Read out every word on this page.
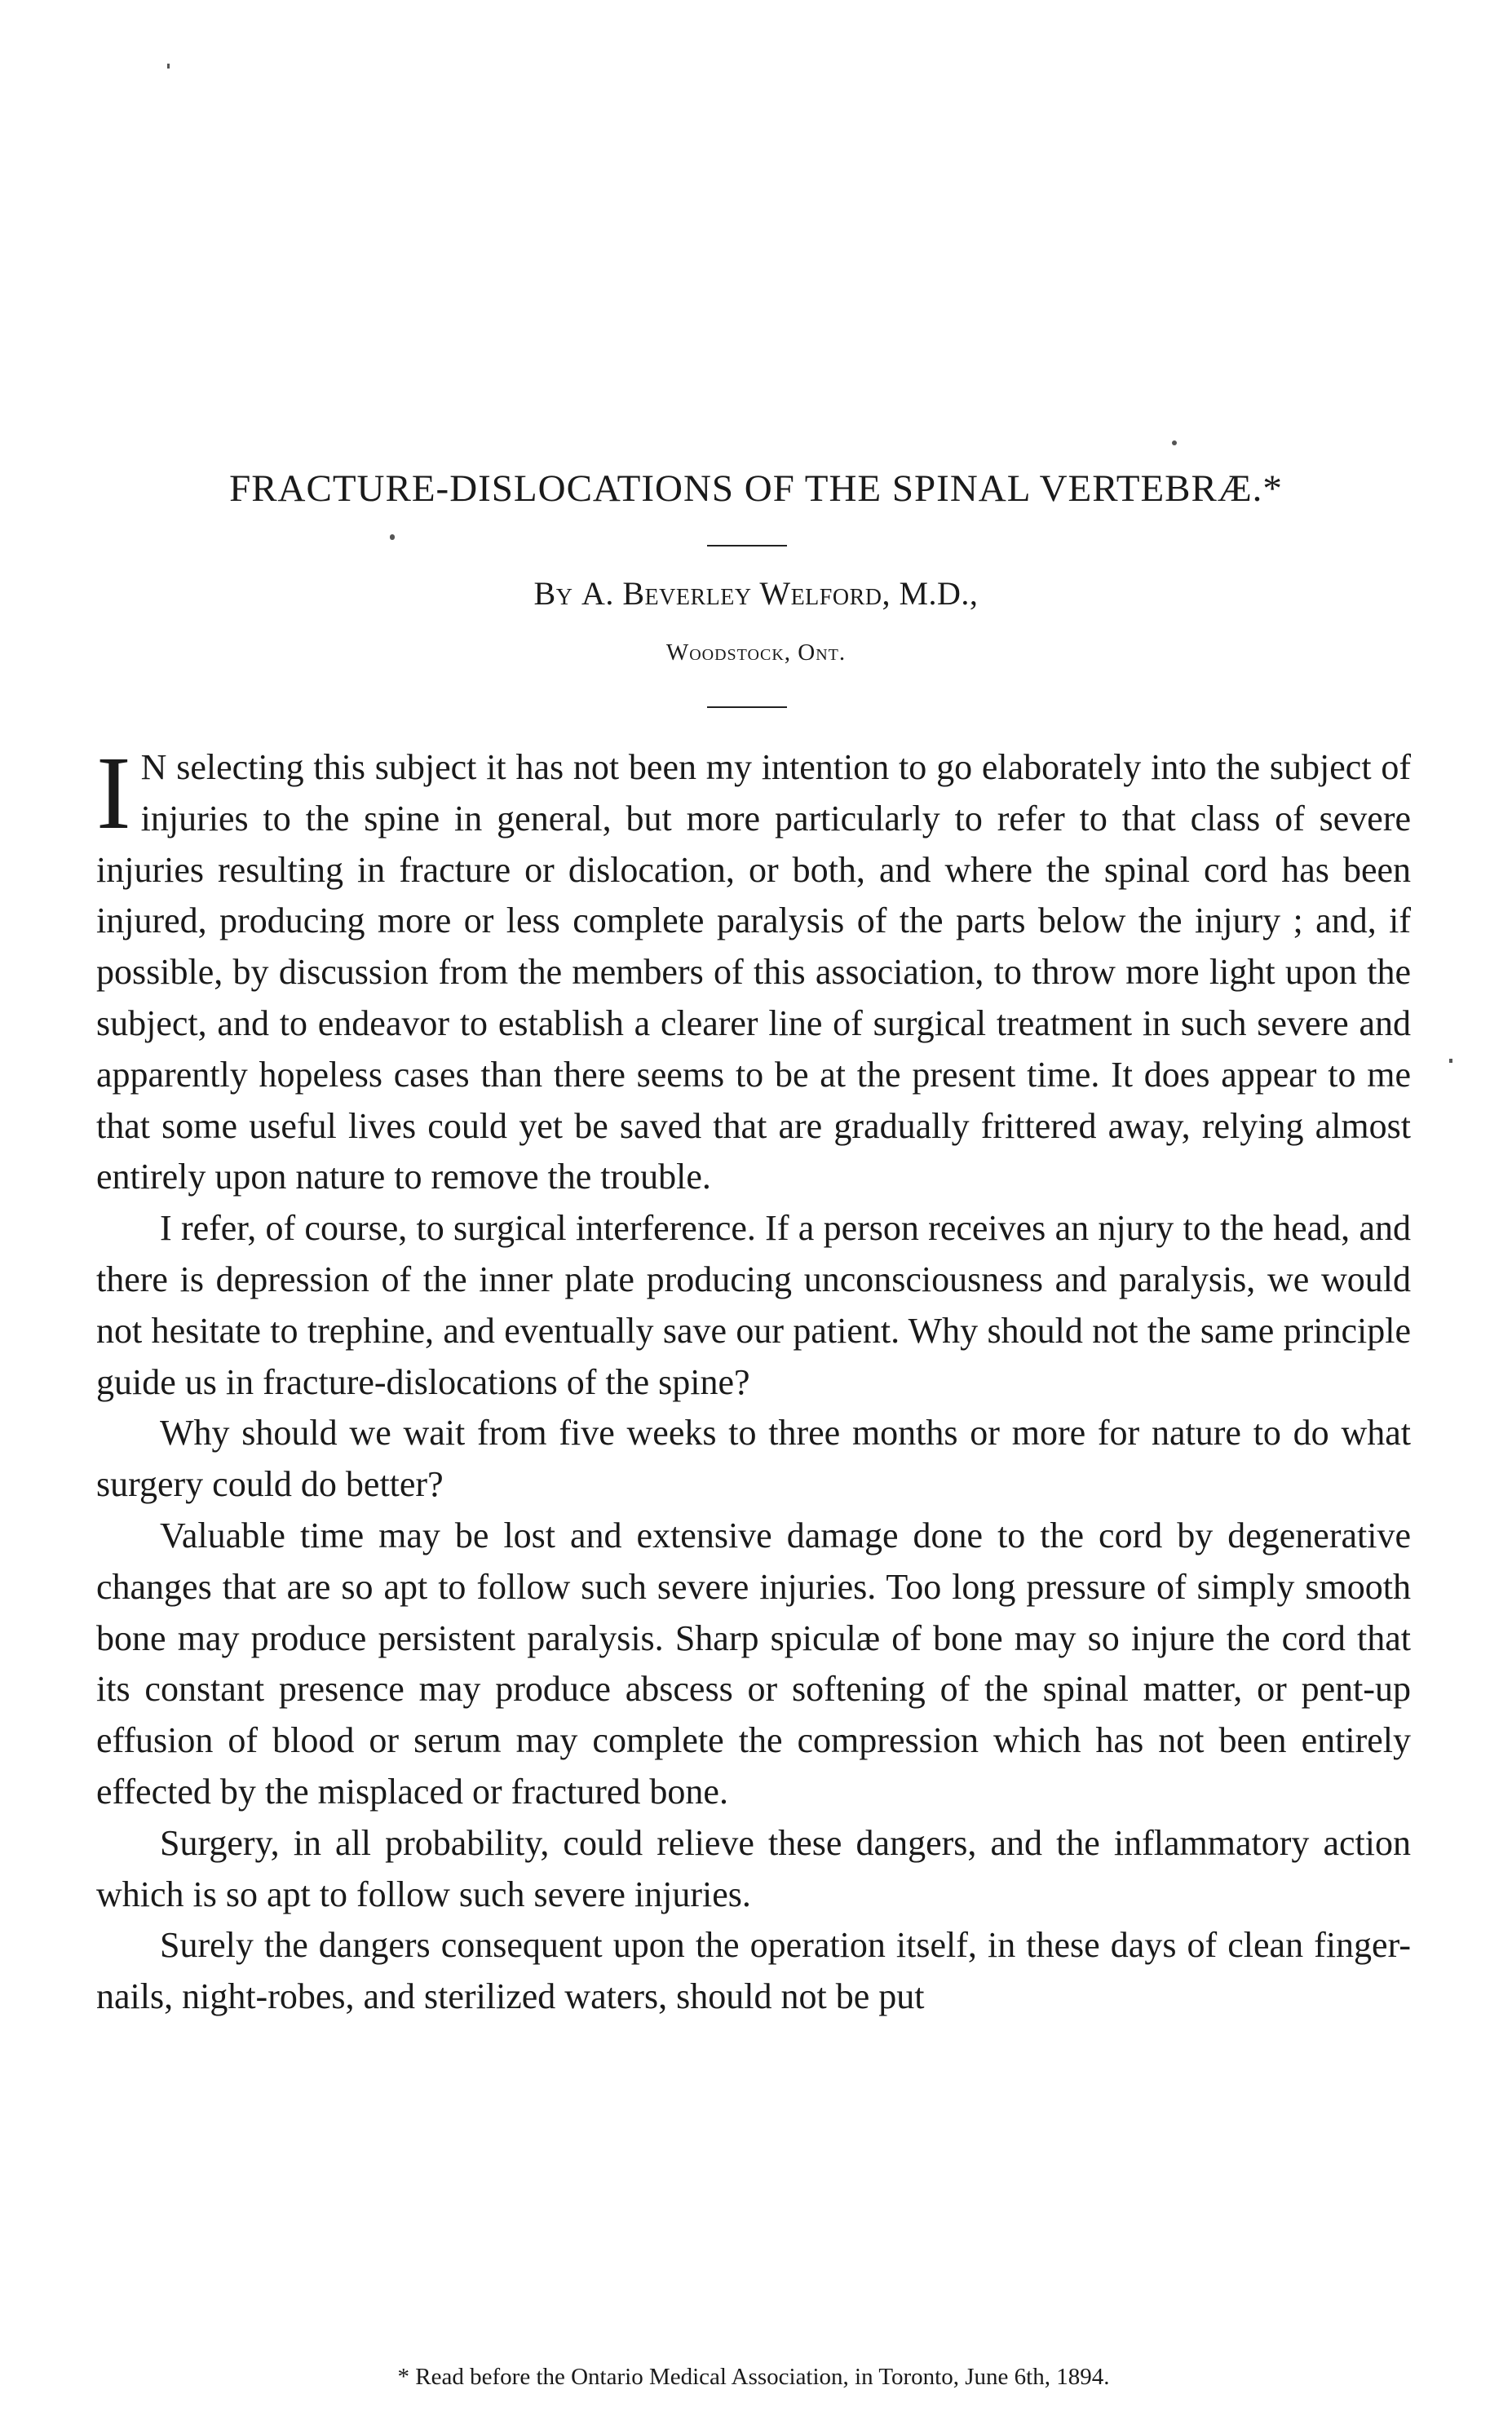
FRACTURE-DISLOCATIONS OF THE SPINAL VERTEBRÆ.*
By A. Beverley Welford, M.D.,
Woodstock, Ont.

I N selecting this subject it has not been my intention to go elaborately into the subject of injuries to the spine in general, but more particularly to refer to that class of severe injuries resulting in fracture or dislocation, or both, and where the spinal cord has been injured, producing more or less complete paralysis of the parts below the injury ; and, if possible, by discussion from the members of this association, to throw more light upon the subject, and to endeavor to establish a clearer line of surgical treatment in such severe and apparently hopeless cases than there seems to be at the present time. It does appear to me that some useful lives could yet be saved that are gradually frittered away, relying almost entirely upon nature to remove the trouble.

I refer, of course, to surgical interference. If a person receives an njury to the head, and there is depression of the inner plate producing unconsciousness and paralysis, we would not hesitate to trephine, and eventually save our patient. Why should not the same principle guide us in fracture-dislocations of the spine?

Why should we wait from five weeks to three months or more for nature to do what surgery could do better?

Valuable time may be lost and extensive damage done to the cord by degenerative changes that are so apt to follow such severe injuries. Too long pressure of simply smooth bone may produce persistent paralysis. Sharp spiculæ of bone may so injure the cord that its constant presence may produce abscess or softening of the spinal matter, or pent-up effusion of blood or serum may complete the compression which has not been entirely effected by the misplaced or fractured bone.

Surgery, in all probability, could relieve these dangers, and the inflammatory action which is so apt to follow such severe injuries.

Surely the dangers consequent upon the operation itself, in these days of clean finger-nails, night-robes, and sterilized waters, should not be put

* Read before the Ontario Medical Association, in Toronto, June 6th, 1894.
